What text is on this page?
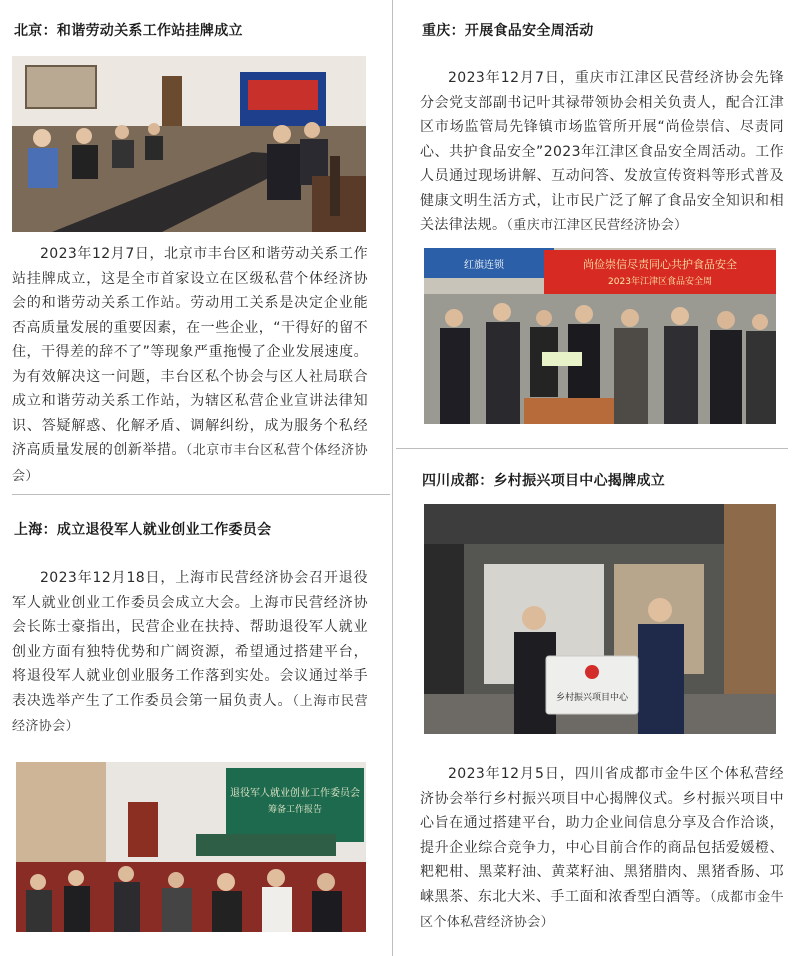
北京：和谐劳动关系工作站挂牌成立
2023年12月7日，北京市丰台区和谐劳动关系工作站挂牌成立，这是全市首家设立在区级私营个体经济协会的和谐劳动关系工作站。劳动用工关系是决定企业能否高质量发展的重要因素，在一些企业，“干得好的留不住，干得差的辞不了”等现象严重拖慢了企业发展速度。为有效解决这一问题，丰台区私个协会与区人社局联合成立和谐劳动关系工作站，为辖区私营企业宣讲法律知识、答疑解惑、化解矛盾、调解纠纷，成为服务个私经济高质量发展的创新举措。（北京市丰台区私营个体经济协会）
上海：成立退役军人就业创业工作委员会
2023年12月18日，上海市民营经济协会召开退役军人就业创业工作委员会成立大会。上海市民营经济协会长陈士豪指出，民营企业在扶持、帮助退役军人就业创业方面有独特优势和广阔资源，希望通过搭建平台，将退役军人就业创业服务工作落到实处。会议通过举手表决选举产生了工作委员会第一届负责人。（上海市民营经济协会）
退役军人就业创业工作委员会
筹备工作报告
重庆：开展食品安全周活动
2023年12月7日，重庆市江津区民营经济协会先锋分会党支部副书记叶其禄带领协会相关负责人，配合江津区市场监管局先锋镇市场监管所开展“尚俭崇信、尽责同心、共护食品安全”2023年江津区食品安全周活动。工作人员通过现场讲解、互动问答、发放宣传资料等形式普及健康文明生活方式，让市民广泛了解了食品安全知识和相关法律法规。（重庆市江津区民营经济协会）
红旗连锁	尚俭崇信尽责同心共护食品安全
2023年江津区食品安全周
四川成都：乡村振兴项目中心揭牌成立
乡村振兴项目中心
2023年12月5日，四川省成都市金牛区个体私营经济协会举行乡村振兴项目中心揭牌仪式。乡村振兴项目中心旨在通过搭建平台，助力企业间信息分享及合作洽谈，提升企业综合竞争力，中心目前合作的商品包括爱媛橙、粑粑柑、黑菜籽油、黄菜籽油、黑猪腊肉、黑猪香肠、邛崃黑茶、东北大米、手工面和浓香型白酒等。（成都市金牛区个体私营经济协会）
